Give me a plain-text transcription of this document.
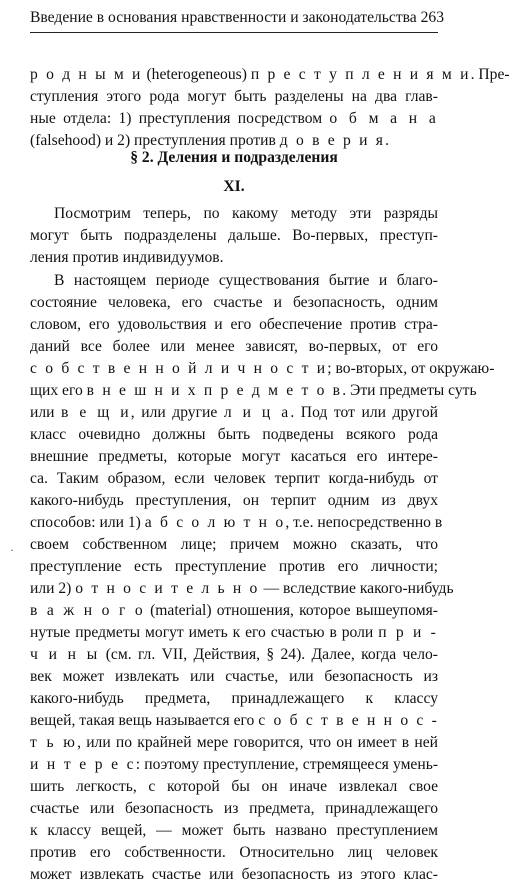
Введение в основания нравственности и законодательства 263
р о д н ы м и (heterogeneous) п р е с т у п л е н и я м и. Пре-
ступления этого рода могут быть разделены на два глав-
ные отдела: 1) преступления посредством о б м а н а
(falsehood) и 2) преступления против д о в е р и я.
§ 2. Деления и подразделения
XI.
Посмотрим теперь, по какому методу эти разряды
могут быть подразделены дальше. Во-первых, преступ-
ления против индивидуумов.
В настоящем периоде существования бытие и благо-
состояние человека, его счастье и безопасность, одним
словом, его удовольствия и его обеспечение против стра-
даний все более или менее зависят, во-первых, от его
с о б с т в е н н о й л и ч н о с т и; во-вторых, от окружаю-
щих его в н е ш н и х п р е д м е т о в. Эти предметы суть
или в е щ и, или другие л и ц а. Под тот или другой
класс очевидно должны быть подведены всякого рода
внешние предметы, которые могут касаться его интере-
са. Таким образом, если человек терпит когда-нибудь от
какого-нибудь преступления, он терпит одним из двух
способов: или 1) а б с о л ю т н о, т.е. непосредственно в
своем собственном лице; причем можно сказать, что
преступление есть преступление против его личности;
или 2) о т н о с и т е л ь н о — вследствие какого-нибудь
в а ж н о г о (material) отношения, которое вышеупомя-
нутые предметы могут иметь к его счастью в роли п р и -
ч и н ы (см. гл. VII, Действия, § 24). Далее, когда чело-
век может извлекать или счастье, или безопасность из
какого-нибудь предмета, принадлежащего к классу
вещей, такая вещь называется его с о б с т в е н н о с -
т ь ю, или по крайней мере говорится, что он имеет в ней
и н т е р е с: поэтому преступление, стремящееся умень-
шить легкость, с которой бы он иначе извлекал свое
счастье или безопасность из предмета, принадлежащего
к классу вещей, — может быть названо преступлением
против его собственности. Относительно лиц человек
может извлекать счастье или безопасность из этого клас-
·
